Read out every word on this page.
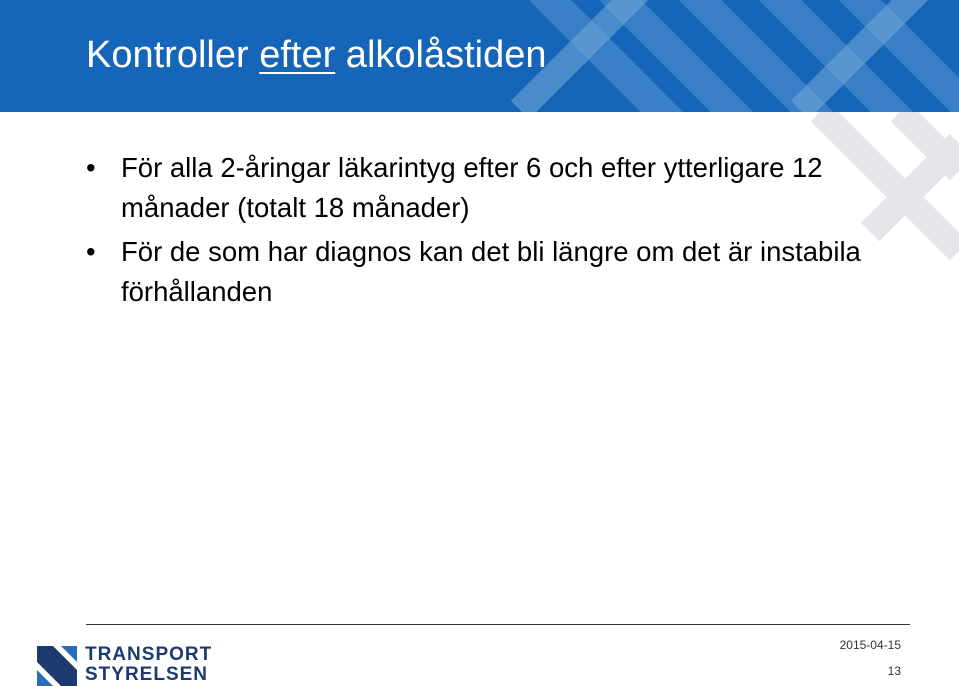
Kontroller efter alkolåstiden
• För alla 2-åringar läkarintyg efter 6 och efter ytterligare 12 månader (totalt 18 månader)
• För de som har diagnos kan det bli längre om det är instabila förhållanden
TRANSPORT
STYRELSEN
2015-04-15
13
